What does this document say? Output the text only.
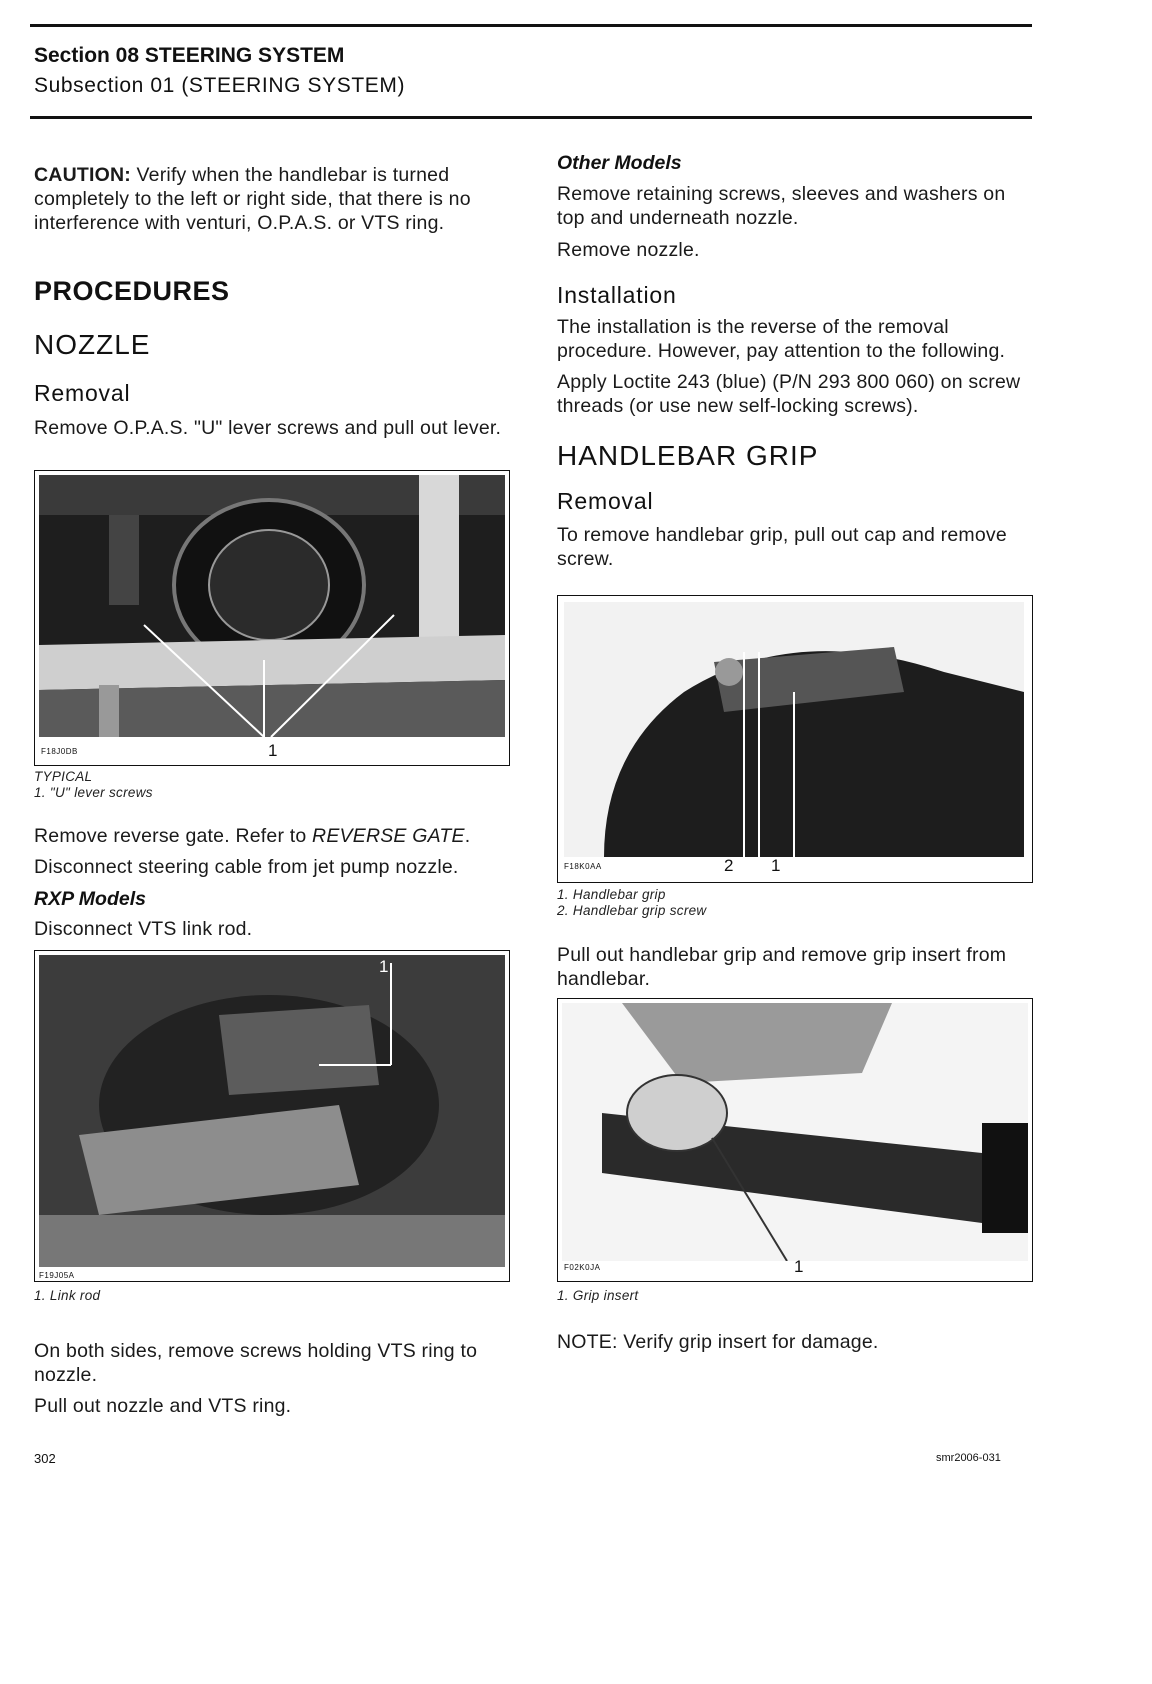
Section 08 STEERING SYSTEM
Subsection 01 (STEERING SYSTEM)

CAUTION: Verify when the handlebar is turned completely to the left or right side, that there is no interference with venturi, O.P.A.S. or VTS ring.

PROCEDURES
NOZZLE
Removal

Remove O.P.A.S. "U" lever screws and pull out lever.

F18J0DB	1
TYPICAL
1. "U" lever screws

Remove reverse gate. Refer to REVERSE GATE.

Disconnect steering cable from jet pump nozzle.

RXP Models

Disconnect VTS link rod.

F19J05A
1
1. Link rod

On both sides, remove screws holding VTS ring to nozzle.

Pull out nozzle and VTS ring.

Other Models

Remove retaining screws, sleeves and washers on top and underneath nozzle.

Remove nozzle.

Installation

The installation is the reverse of the removal procedure. However, pay attention to the following.

Apply Loctite 243 (blue) (P/N 293 800 060) on screw threads (or use new self-locking screws).

HANDLEBAR GRIP
Removal

To remove handlebar grip, pull out cap and remove screw.

F18K0AA	2 1
1. Handlebar grip
2. Handlebar grip screw

Pull out handlebar grip and remove grip insert from handlebar.

F02K0JA	1
1. Grip insert

NOTE: Verify grip insert for damage.

302	smr2006-031
